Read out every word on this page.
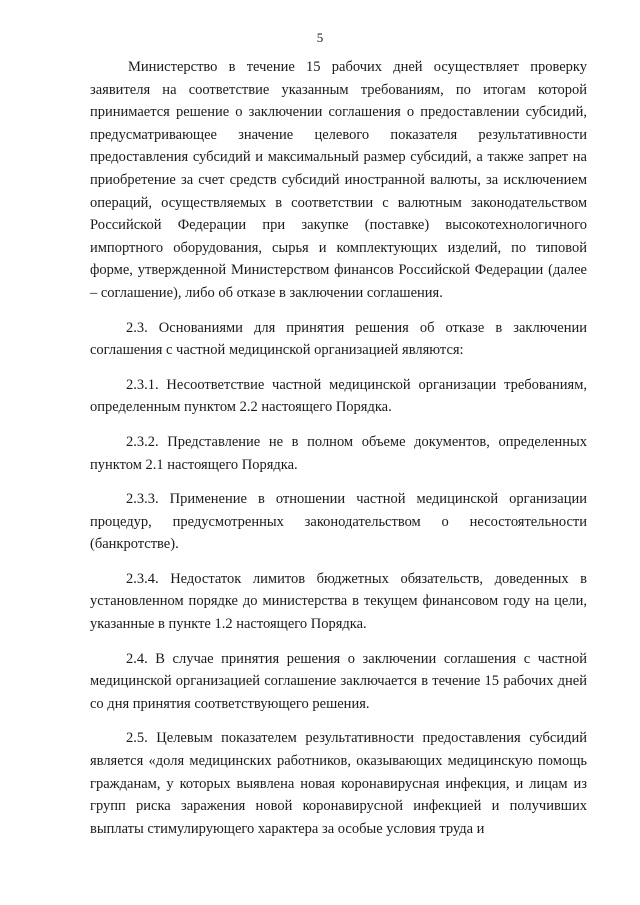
5

Министерство в течение 15 рабочих дней осуществляет проверку заявителя на соответствие указанным требованиям, по итогам которой принимается решение о заключении соглашения о предоставлении субсидий, предусматривающее значение целевого показателя результативности предоставления субсидий и максимальный размер субсидий, а также запрет на приобретение за счет средств субсидий иностранной валюты, за исключением операций, осуществляемых в соответствии с валютным законодательством Российской Федерации при закупке (поставке) высокотехнологичного импортного оборудования, сырья и комплектующих изделий, по типовой форме, утвержденной Министерством финансов Российской Федерации (далее – соглашение), либо об отказе в заключении соглашения.

2.3. Основаниями для принятия решения об отказе в заключении соглашения с частной медицинской организацией являются:

2.3.1. Несоответствие частной медицинской организации требованиям, определенным пунктом 2.2 настоящего Порядка.

2.3.2. Представление не в полном объеме документов, определенных пунктом 2.1 настоящего Порядка.

2.3.3. Применение в отношении частной медицинской организации процедур, предусмотренных законодательством о несостоятельности (банкротстве).

2.3.4. Недостаток лимитов бюджетных обязательств, доведенных в установленном порядке до министерства в текущем финансовом году на цели, указанные в пункте 1.2 настоящего Порядка.

2.4. В случае принятия решения о заключении соглашения с частной медицинской организацией соглашение заключается в течение 15 рабочих дней со дня принятия соответствующего решения.

2.5. Целевым показателем результативности предоставления субсидий является «доля медицинских работников, оказывающих медицинскую помощь гражданам, у которых выявлена новая коронавирусная инфекция, и лицам из групп риска заражения новой коронавирусной инфекцией и получивших выплаты стимулирующего характера за особые условия труда и
